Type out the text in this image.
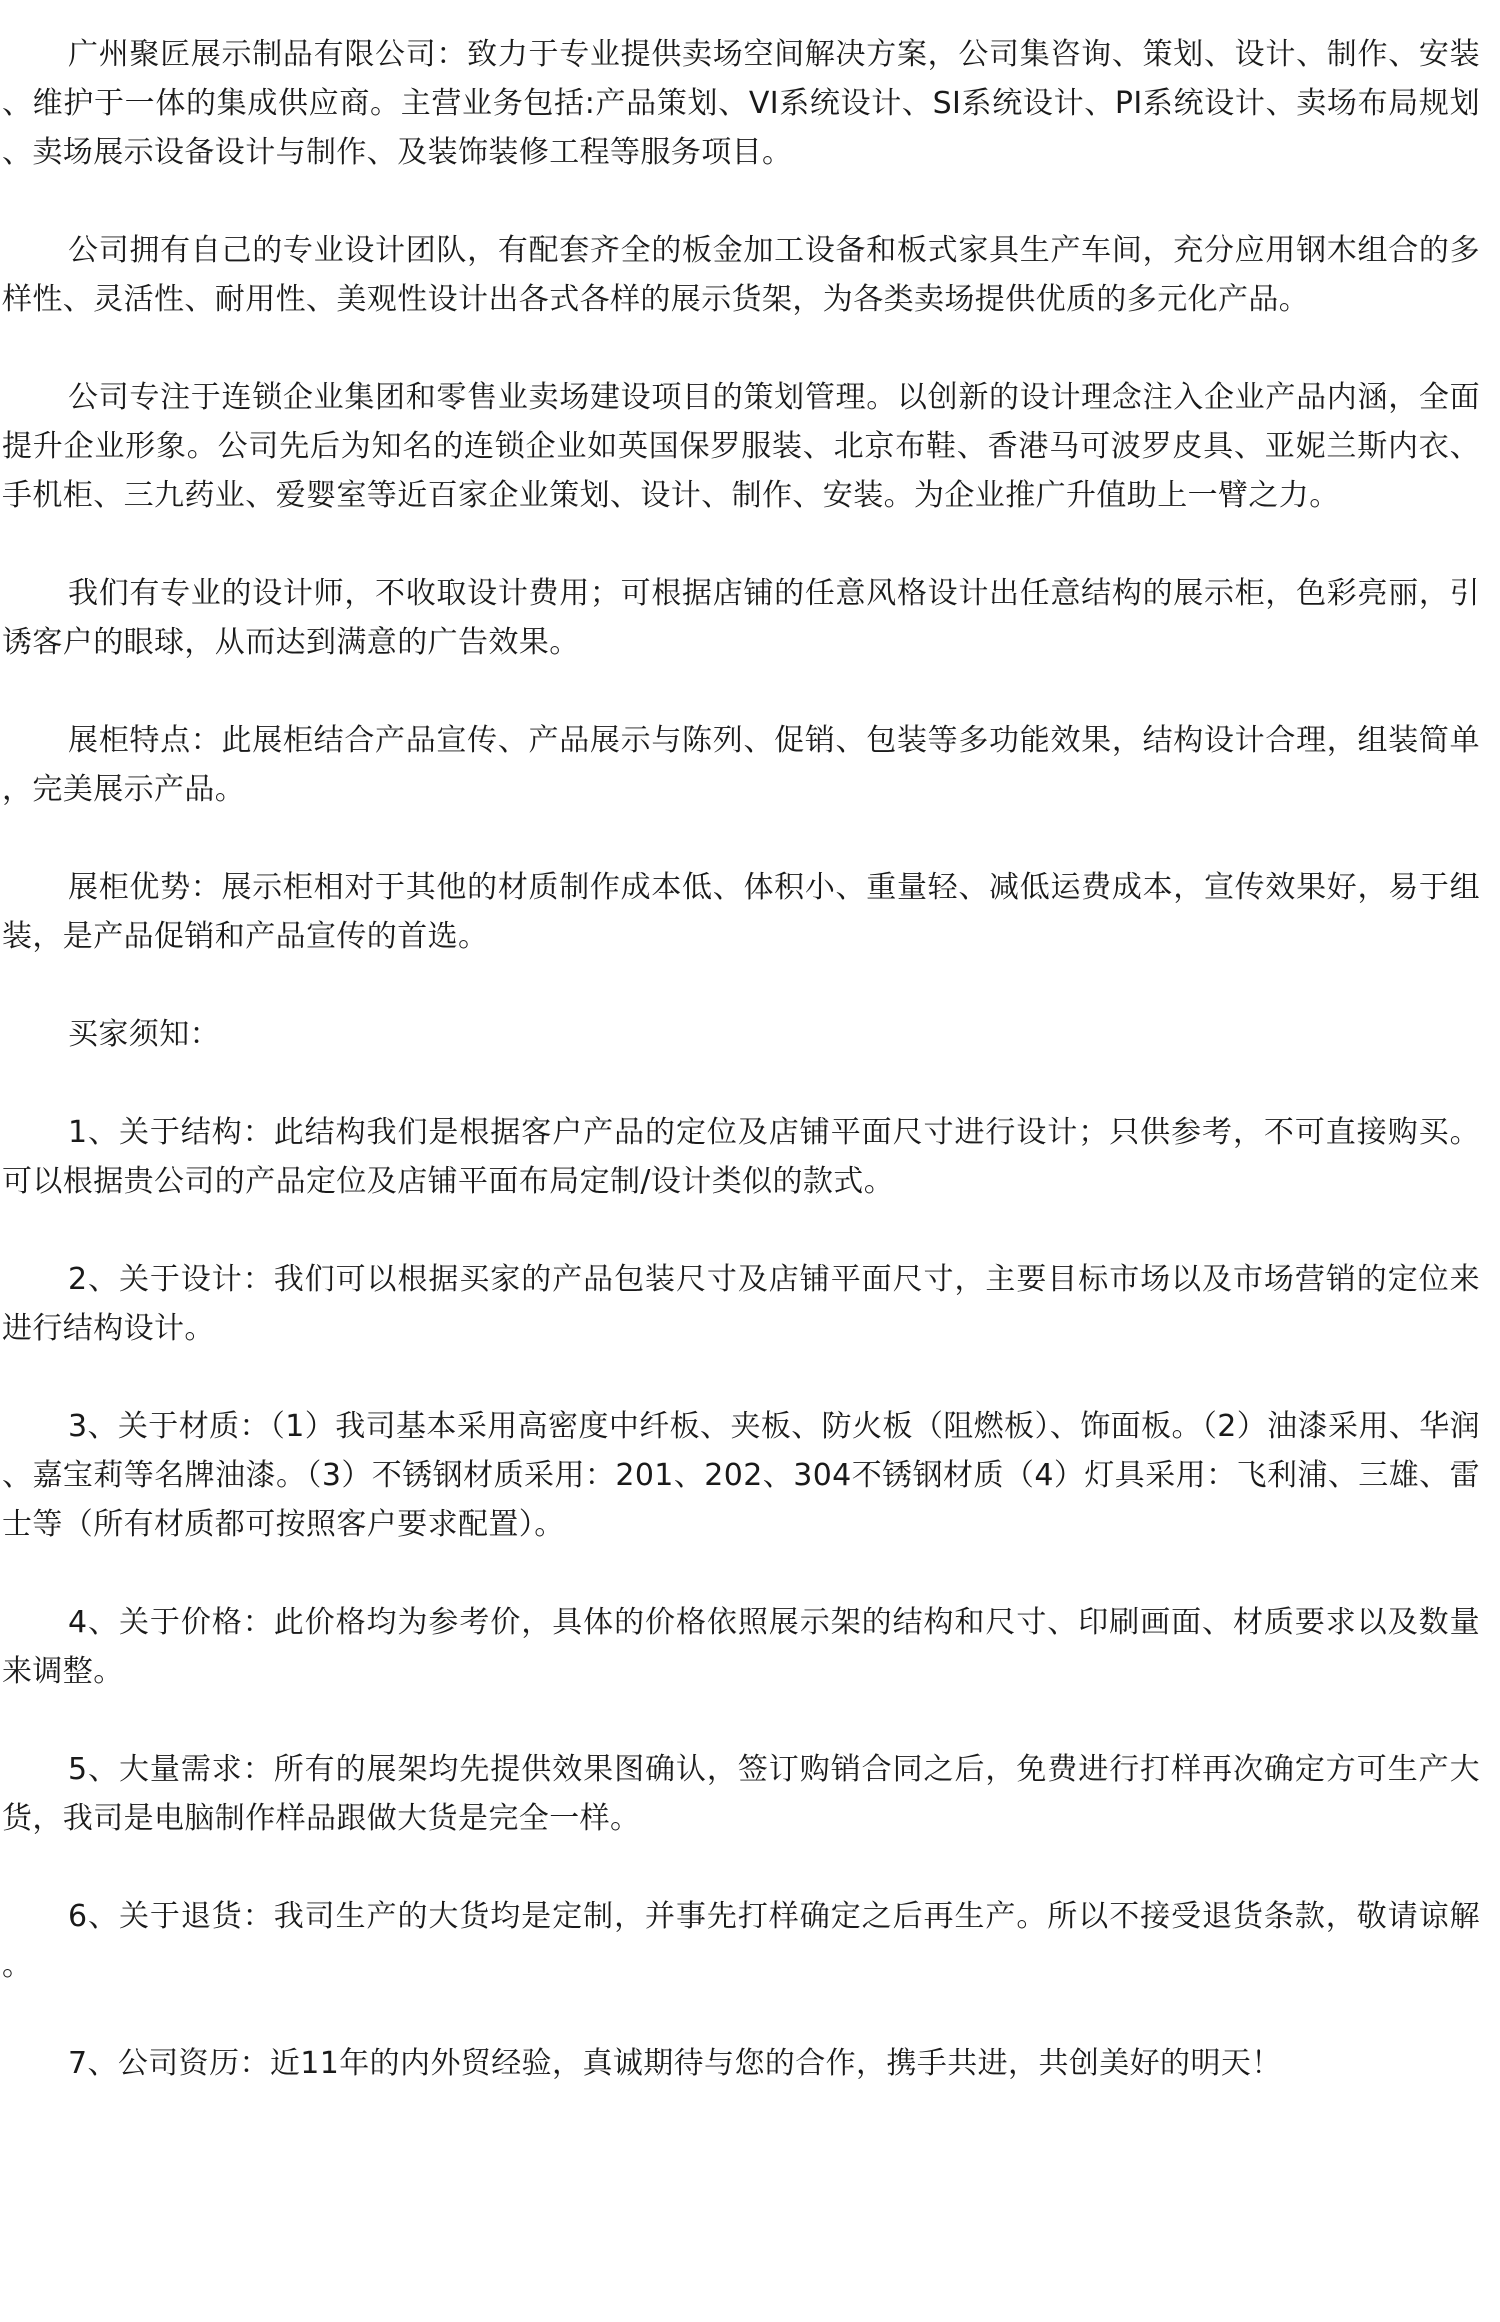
广州聚匠展示制品有限公司：致力于专业提供卖场空间解决方案，公司集咨询、策划、设计、制作、安装、维护于一体的集成供应商。主营业务包括:产品策划、VI系统设计、SI系统设计、PI系统设计、卖场布局规划、卖场展示设备设计与制作、及装饰装修工程等服务项目。

公司拥有自己的专业设计团队，有配套齐全的板金加工设备和板式家具生产车间，充分应用钢木组合的多样性、灵活性、耐用性、美观性设计出各式各样的展示货架，为各类卖场提供优质的多元化产品。

公司专注于连锁企业集团和零售业卖场建设项目的策划管理。以创新的设计理念注入企业产品内涵，全面提升企业形象。公司先后为知名的连锁企业如英国保罗服装、北京布鞋、香港马可波罗皮具、亚妮兰斯内衣、手机柜、三九药业、爱婴室等近百家企业策划、设计、制作、安装。为企业推广升值助上一臂之力。

我们有专业的设计师，不收取设计费用；可根据店铺的任意风格设计出任意结构的展示柜，色彩亮丽，引诱客户的眼球，从而达到满意的广告效果。

展柜特点：此展柜结合产品宣传、产品展示与陈列、促销、包装等多功能效果，结构设计合理，组装简单，完美展示产品。

展柜优势：展示柜相对于其他的材质制作成本低、体积小、重量轻、减低运费成本，宣传效果好，易于组装，是产品促销和产品宣传的首选。

买家须知：

1、关于结构：此结构我们是根据客户产品的定位及店铺平面尺寸进行设计；只供参考，不可直接购买。可以根据贵公司的产品定位及店铺平面布局定制/设计类似的款式。

2、关于设计：我们可以根据买家的产品包装尺寸及店铺平面尺寸，主要目标市场以及市场营销的定位来进行结构设计。

3、关于材质：（1）我司基本采用高密度中纤板、夹板、防火板（阻燃板）、饰面板。（2）油漆采用、华润、嘉宝莉等名牌油漆。（3）不锈钢材质采用：201、202、304不锈钢材质（4）灯具采用：飞利浦、三雄、雷士等（所有材质都可按照客户要求配置）。

4、关于价格：此价格均为参考价，具体的价格依照展示架的结构和尺寸、印刷画面、材质要求以及数量来调整。

5、大量需求：所有的展架均先提供效果图确认，签订购销合同之后，免费进行打样再次确定方可生产大货，我司是电脑制作样品跟做大货是完全一样。

6、关于退货：我司生产的大货均是定制，并事先打样确定之后再生产。所以不接受退货条款，敬请谅解。

7、公司资历：近11年的内外贸经验，真诚期待与您的合作，携手共进，共创美好的明天！
